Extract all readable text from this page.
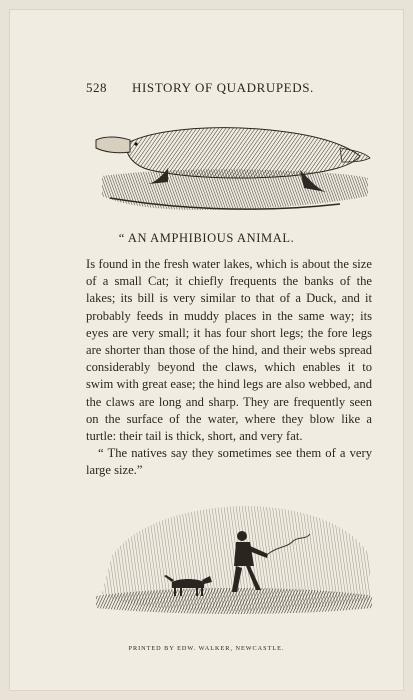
528 HISTORY OF QUADRUPEDS.
“ AN AMPHIBIOUS ANIMAL.

Is found in the fresh water lakes, which is about the size of a small Cat; it chiefly frequents the banks of the lakes; its bill is very similar to that of a Duck, and it probably feeds in muddy places in the same way; its eyes are very small; it has four short legs; the fore legs are shorter than those of the hind, and their webs spread considerably beyond the claws, which enables it to swim with great ease; the hind legs are also webbed, and the claws are long and sharp. They are frequently seen on the surface of the water, where they blow like a turtle: their tail is thick, short, and very fat.

“ The natives say they sometimes see them of a very large size.”

PRINTED BY EDW. WALKER, NEWCASTLE.
